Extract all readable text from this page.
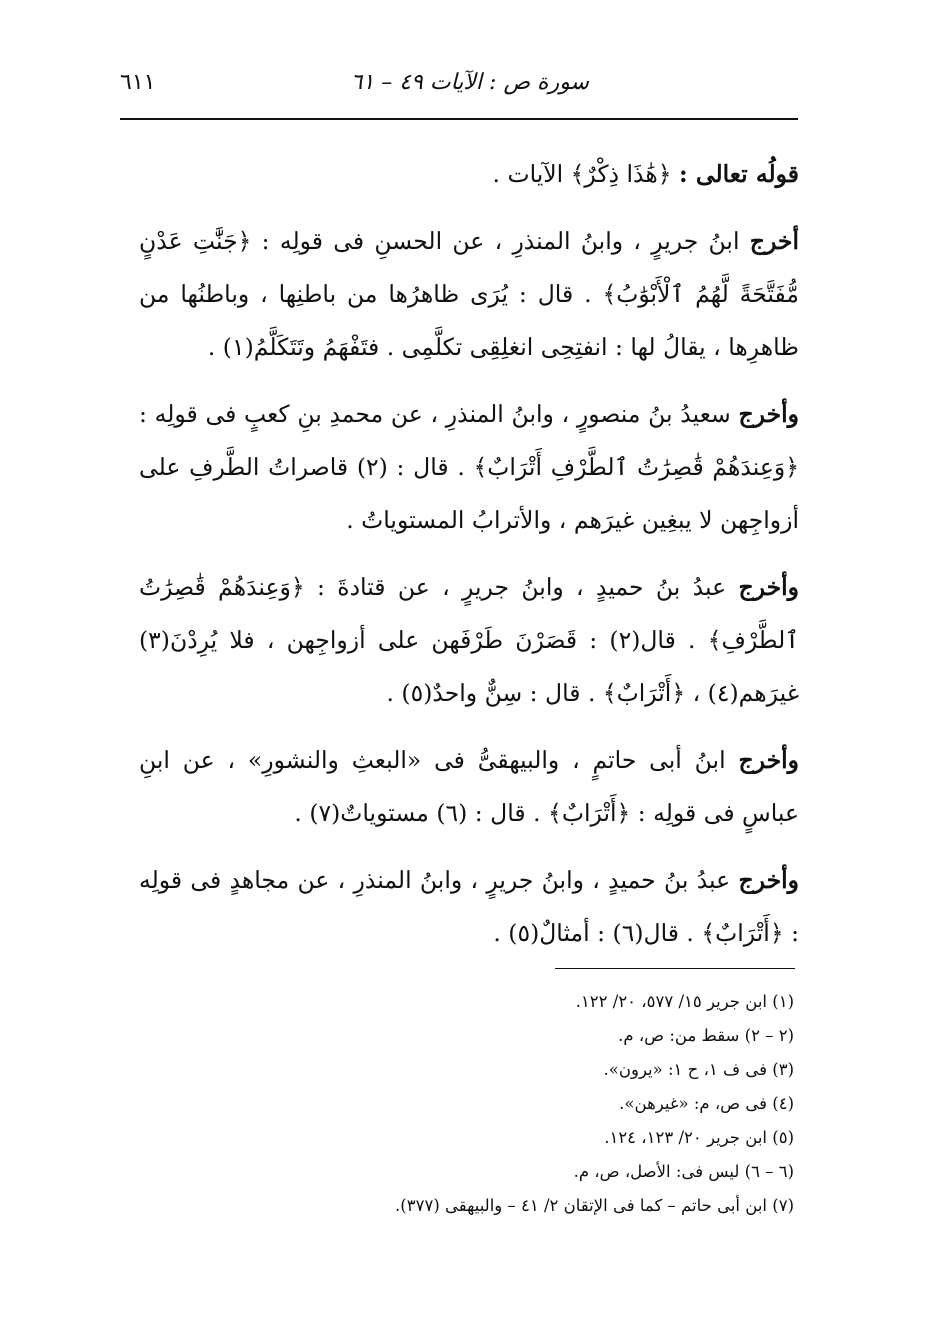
سورة ص : الآيات ٤٩ – ٦١
٦١١

قولُه تعالى : ﴿هَٰذَا ذِكْرٌ﴾ الآيات .

أخرج ابنُ جريرٍ ، وابنُ المنذرِ ، عن الحسنِ فى قولِه : ﴿جَنَّٰتِ عَدْنٍ مُّفَتَّحَةً لَّهُمُ ٱلْأَبْوَٰبُ﴾ . قال : يُرَى ظاهرُها من باطنِها ، وباطنُها من ظاهرِها ، يقالُ لها : انفتِحِى انغلِقِى تكلَّمِى . فتَفْهَمُ وتَتَكَلَّمُ(١) .

وأخرج سعيدُ بنُ منصورٍ ، وابنُ المنذرِ ، عن محمدِ بنِ كعبٍ فى قولِه : ﴿وَعِندَهُمْ قَٰصِرَٰتُ ٱلطَّرْفِ أَتْرَابٌ﴾ . قال : (٢) قاصراتُ الطَّرفِ على أزواجِهن لا يبغِين غيرَهم ، والأترابُ المستوياتُ .

وأخرج عبدُ بنُ حميدٍ ، وابنُ جريرٍ ، عن قتادةَ : ﴿وَعِندَهُمْ قَٰصِرَٰتُ ٱلطَّرْفِ﴾ . قال(٢) : قَصَرْنَ طَرْفَهن على أزواجِهن ، فلا يُرِدْنَ(٣) غيرَهم(٤) ، ﴿أَتْرَابٌ﴾ . قال : سِنٌّ واحدٌ(٥) .

وأخرج ابنُ أبى حاتمٍ ، والبيهقىُّ فى «البعثِ والنشورِ» ، عن ابنِ عباسٍ فى قولِه : ﴿أَتْرَابٌ﴾ . قال : (٦) مستوياتٌ(٧) .

وأخرج عبدُ بنُ حميدٍ ، وابنُ جريرٍ ، وابنُ المنذرِ ، عن مجاهدٍ فى قولِه : ﴿أَتْرَابٌ﴾ . قال(٦) : أمثالٌ(٥) .

(١) ابن جرير ١٥/ ٥٧٧، ٢٠/ ١٢٢.

(٢ – ٢) سقط من: ص، م.

(٣) فى ف ١، ح ١: «يرون».

(٤) فى ص، م: «غيرهن».

(٥) ابن جرير ٢٠/ ١٢٣، ١٢٤.

(٦ – ٦) ليس فى: الأصل، ص، م.

(٧) ابن أبى حاتم – كما فى الإتقان ٢/ ٤١ – والبيهقى (٣٧٧).
